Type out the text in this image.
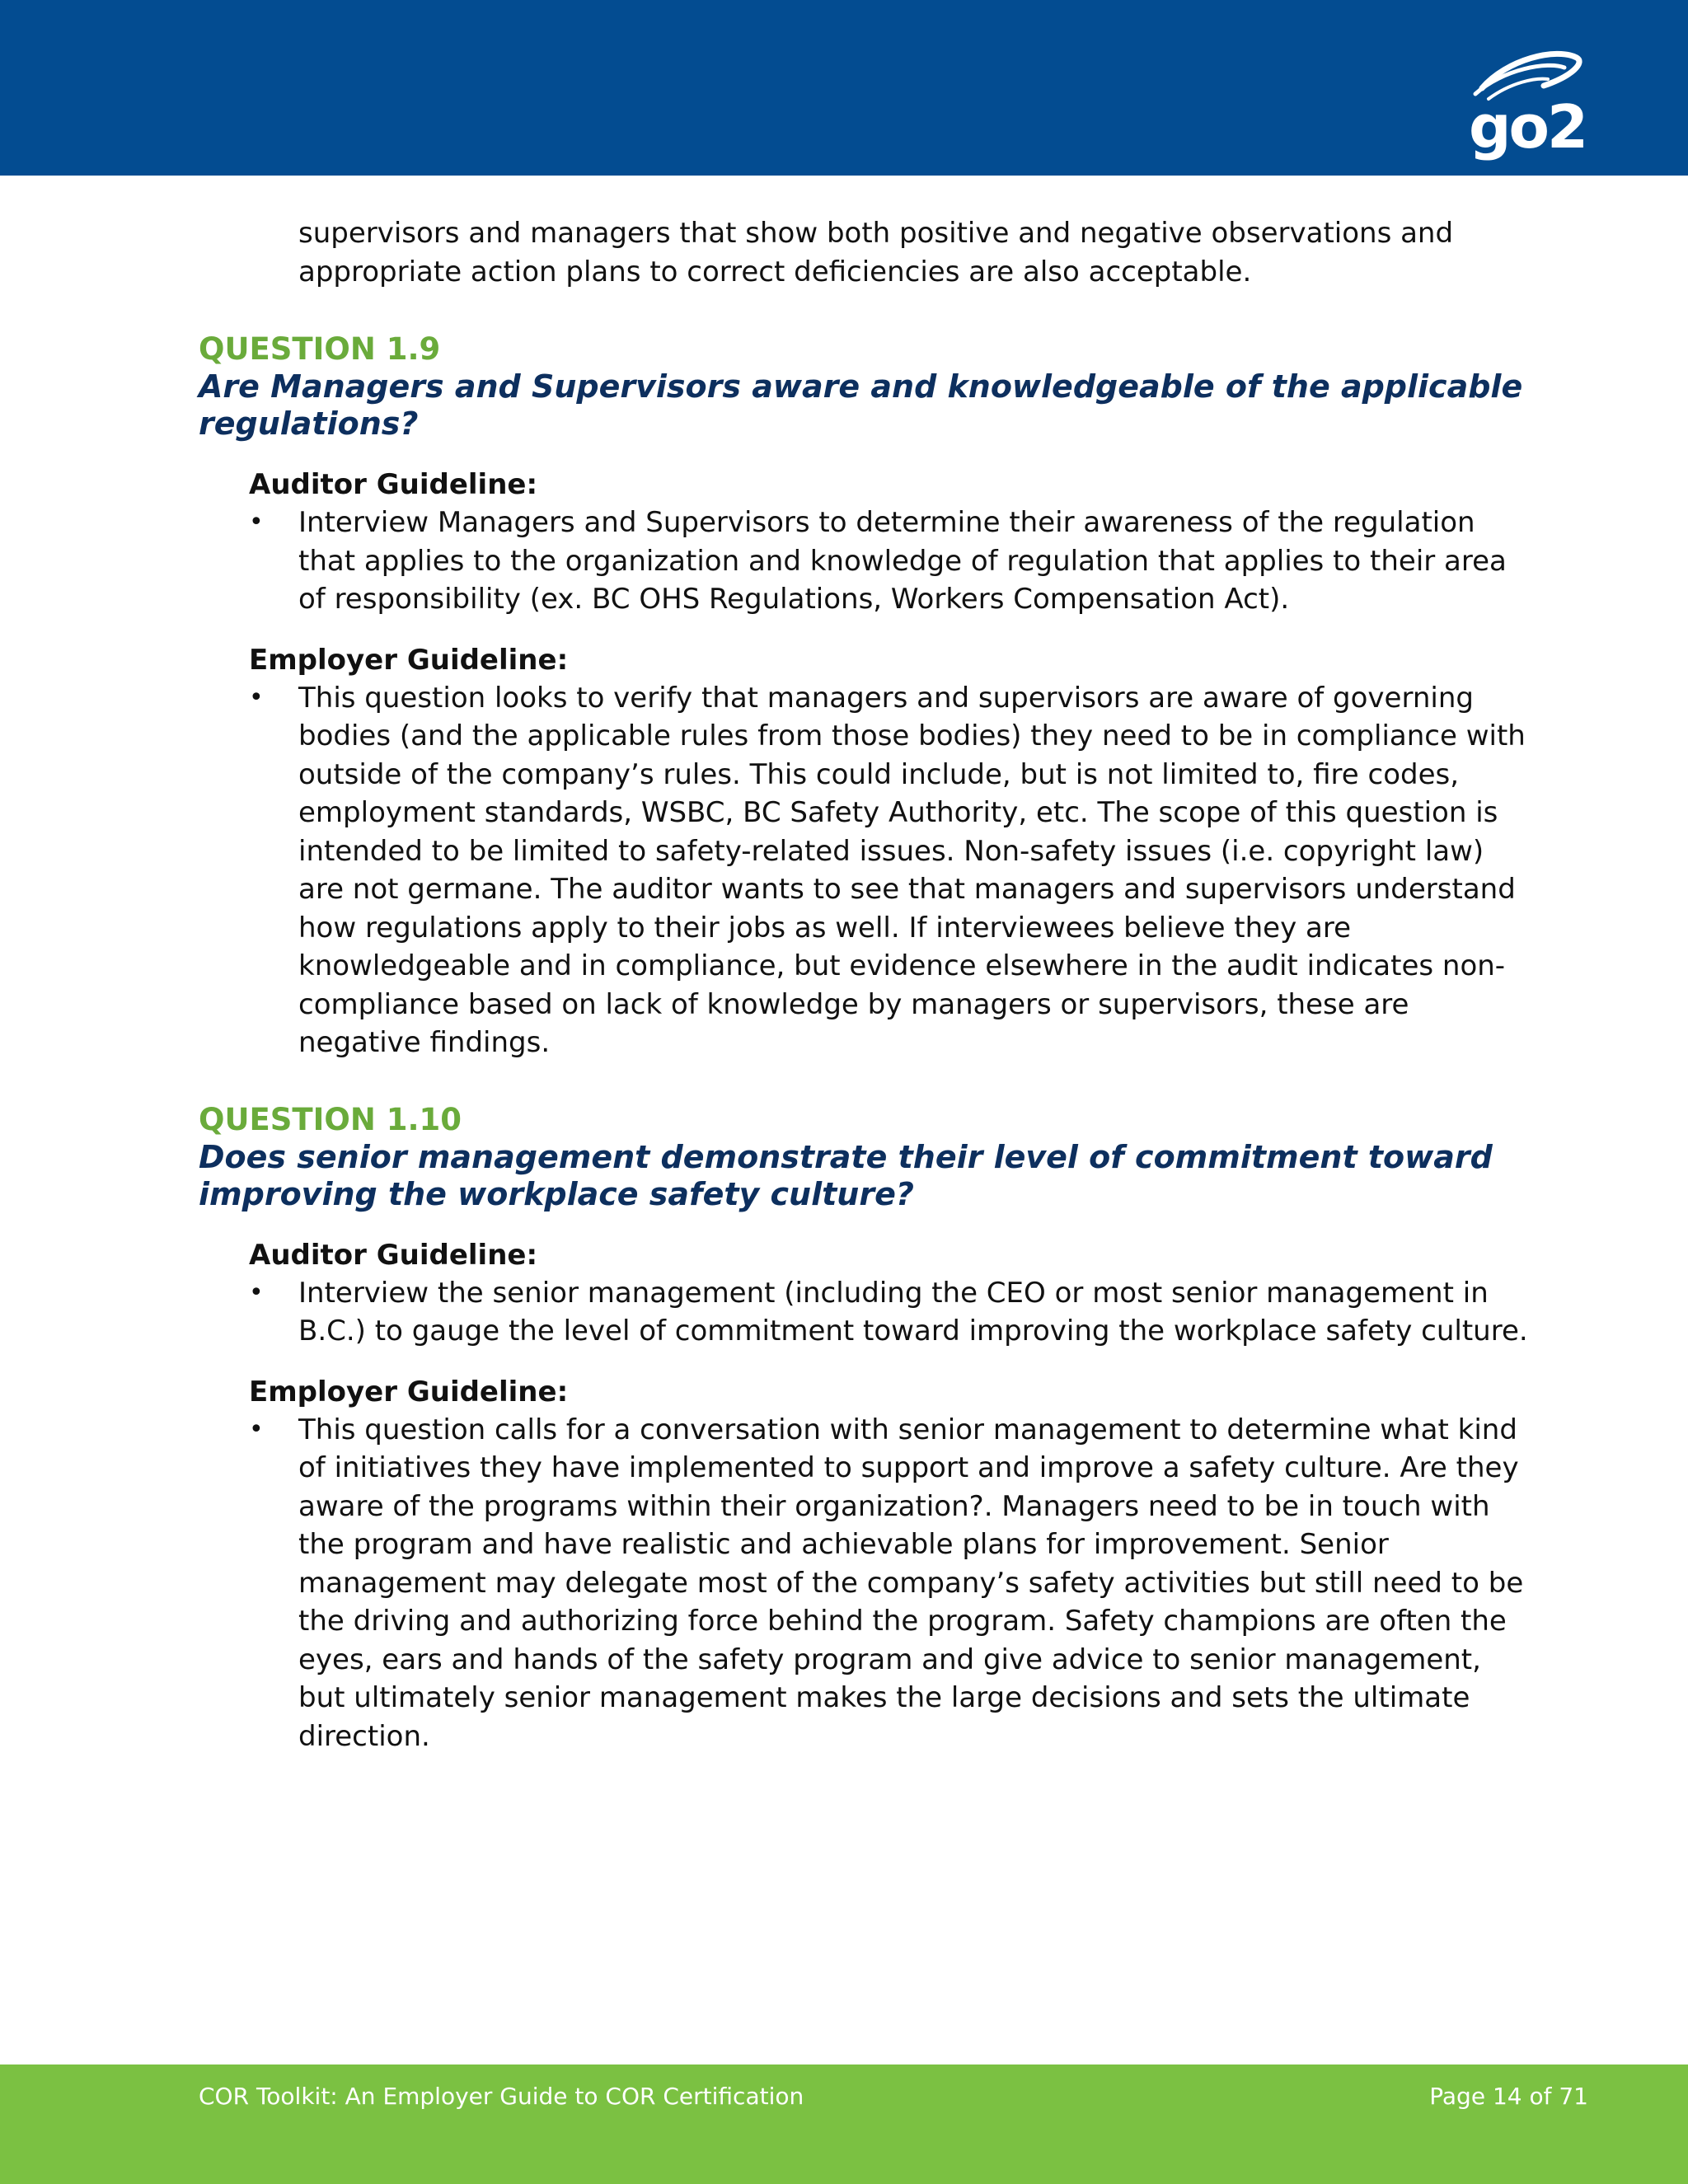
go2

supervisors and managers that show both positive and negative observations and appropriate action plans to correct deficiencies are also acceptable.

QUESTION 1.9

Are Managers and Supervisors aware and knowledgeable of the applicable regulations?

Auditor Guideline:

•	Interview Managers and Supervisors to determine their awareness of the regulation that applies to the organization and knowledge of regulation that applies to their area of responsibility (ex. BC OHS Regulations, Workers Compensation Act).

Employer Guideline:

•	This question looks to verify that managers and supervisors are aware of governing bodies (and the applicable rules from those bodies) they need to be in compliance with outside of the company’s rules. This could include, but is not limited to, fire codes, employment standards, WSBC, BC Safety Authority, etc. The scope of this question is intended to be limited to safety-related issues. Non-safety issues (i.e. copyright law) are not germane. The auditor wants to see that managers and supervisors understand how regulations apply to their jobs as well. If interviewees believe they are knowledgeable and in compliance, but evidence elsewhere in the audit indicates non-compliance based on lack of knowledge by managers or supervisors, these are negative findings.

QUESTION 1.10

Does senior management demonstrate their level of commitment toward improving the workplace safety culture?

Auditor Guideline:

•	Interview the senior management (including the CEO or most senior management in B.C.) to gauge the level of commitment toward improving the workplace safety culture.

Employer Guideline:

•	This question calls for a conversation with senior management to determine what kind of initiatives they have implemented to support and improve a safety culture. Are they aware of the programs within their organization?. Managers need to be in touch with the program and have realistic and achievable plans for improvement. Senior management may delegate most of the company’s safety activities but still need to be the driving and authorizing force behind the program. Safety champions are often the eyes, ears and hands of the safety program and give advice to senior management, but ultimately senior management makes the large decisions and sets the ultimate direction.

COR Toolkit: An Employer Guide to COR Certification	Page 14 of 71
